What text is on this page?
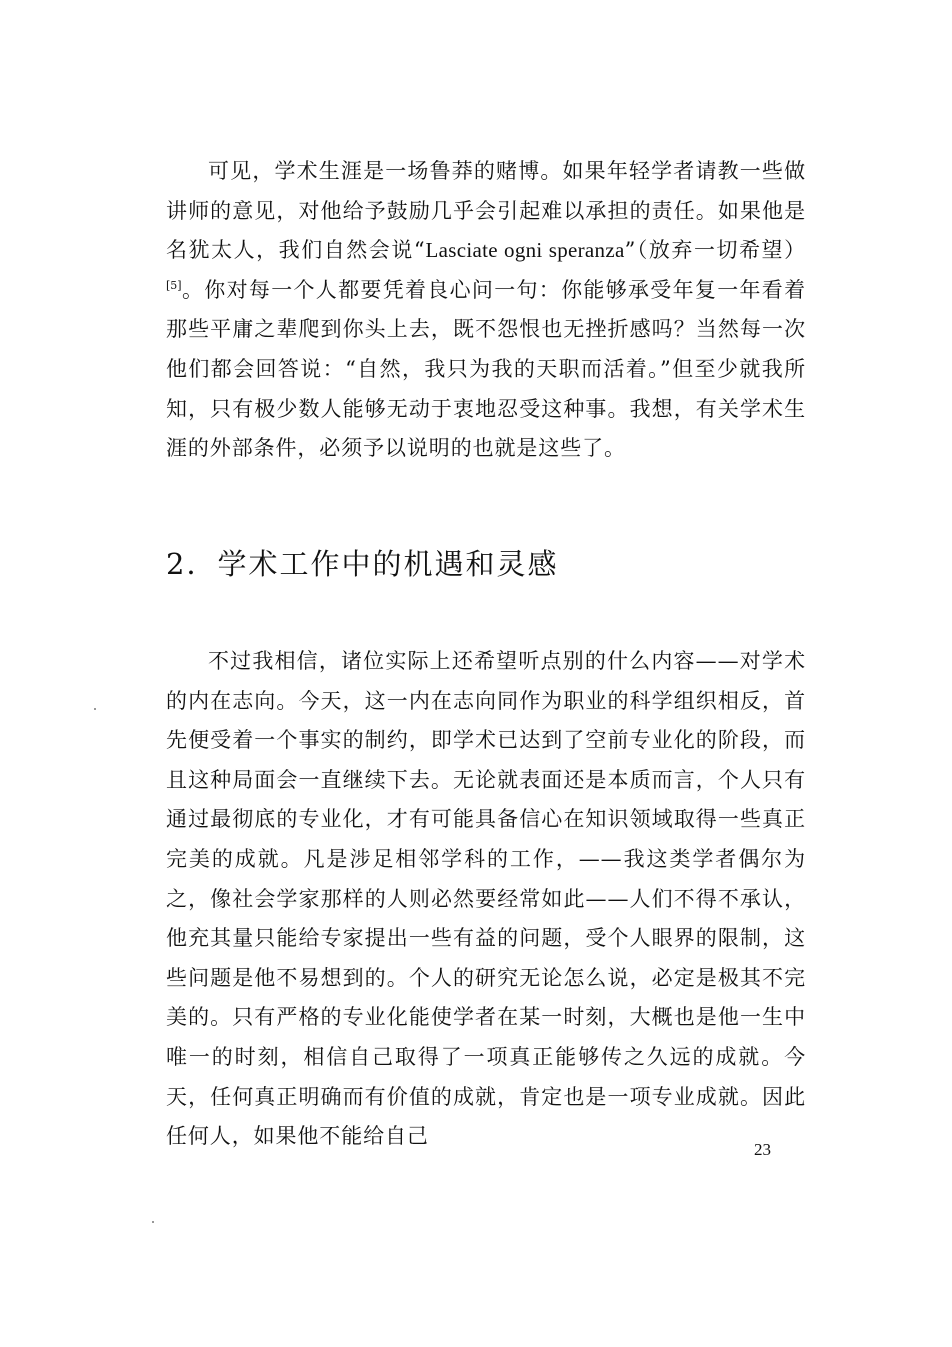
可见，学术生涯是一场鲁莽的赌博。如果年轻学者请教一些做讲师的意见，对他给予鼓励几乎会引起难以承担的责任。如果他是名犹太人，我们自然会说“Lasciate ogni speranza”（放弃一切希望）[5]。你对每一个人都要凭着良心问一句：你能够承受年复一年看着那些平庸之辈爬到你头上去，既不怨恨也无挫折感吗？当然每一次他们都会回答说：“自然，我只为我的天职而活着。”但至少就我所知，只有极少数人能够无动于衷地忍受这种事。我想，有关学术生涯的外部条件，必须予以说明的也就是这些了。

2．学术工作中的机遇和灵感

不过我相信，诸位实际上还希望听点别的什么内容——对学术的内在志向。今天，这一内在志向同作为职业的科学组织相反，首先便受着一个事实的制约，即学术已达到了空前专业化的阶段，而且这种局面会一直继续下去。无论就表面还是本质而言，个人只有通过最彻底的专业化，才有可能具备信心在知识领域取得一些真正完美的成就。凡是涉足相邻学科的工作，——我这类学者偶尔为之，像社会学家那样的人则必然要经常如此——人们不得不承认，他充其量只能给专家提出一些有益的问题，受个人眼界的限制，这些问题是他不易想到的。个人的研究无论怎么说，必定是极其不完美的。只有严格的专业化能使学者在某一时刻，大概也是他一生中唯一的时刻，相信自己取得了一项真正能够传之久远的成就。今天，任何真正明确而有价值的成就，肯定也是一项专业成就。因此任何人，如果他不能给自己

23
